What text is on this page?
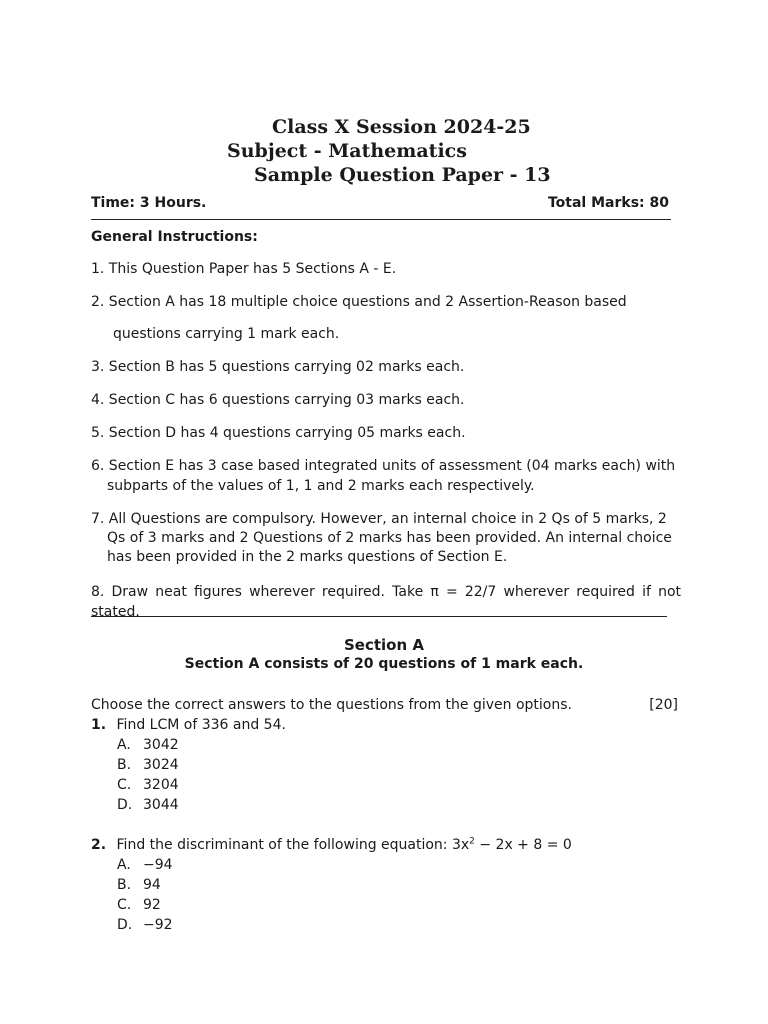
Class X Session 2024-25
Subject - Mathematics
Sample Question Paper - 13
Time: 3 Hours.	Total Marks: 80
General Instructions:
1. This Question Paper has 5 Sections A - E.
2. Section A has 18 multiple choice questions and 2 Assertion-Reason based
questions carrying 1 mark each.
3. Section B has 5 questions carrying 02 marks each.
4. Section C has 6 questions carrying 03 marks each.
5. Section D has 4 questions carrying 05 marks each.
6. Section E has 3 case based integrated units of assessment (04 marks each) with
subparts of the values of 1, 1 and 2 marks each respectively.
7. All Questions are compulsory. However, an internal choice in 2 Qs of 5 marks, 2
Qs of 3 marks and 2 Questions of 2 marks has been provided. An internal choice
has been provided in the 2 marks questions of Section E.
8. Draw neat figures wherever required. Take π = 22/7 wherever required if not stated.
Section A
Section A consists of 20 questions of 1 mark each.
Choose the correct answers to the questions from the given options.	[20]
1. Find LCM of 336 and 54.
A. 3042
B. 3024
C. 3204
D. 3044
2. Find the discriminant of the following equation: $3x^2 - 2x + 8 = 0$
A. −94
B. 94
C. 92
D. −92
